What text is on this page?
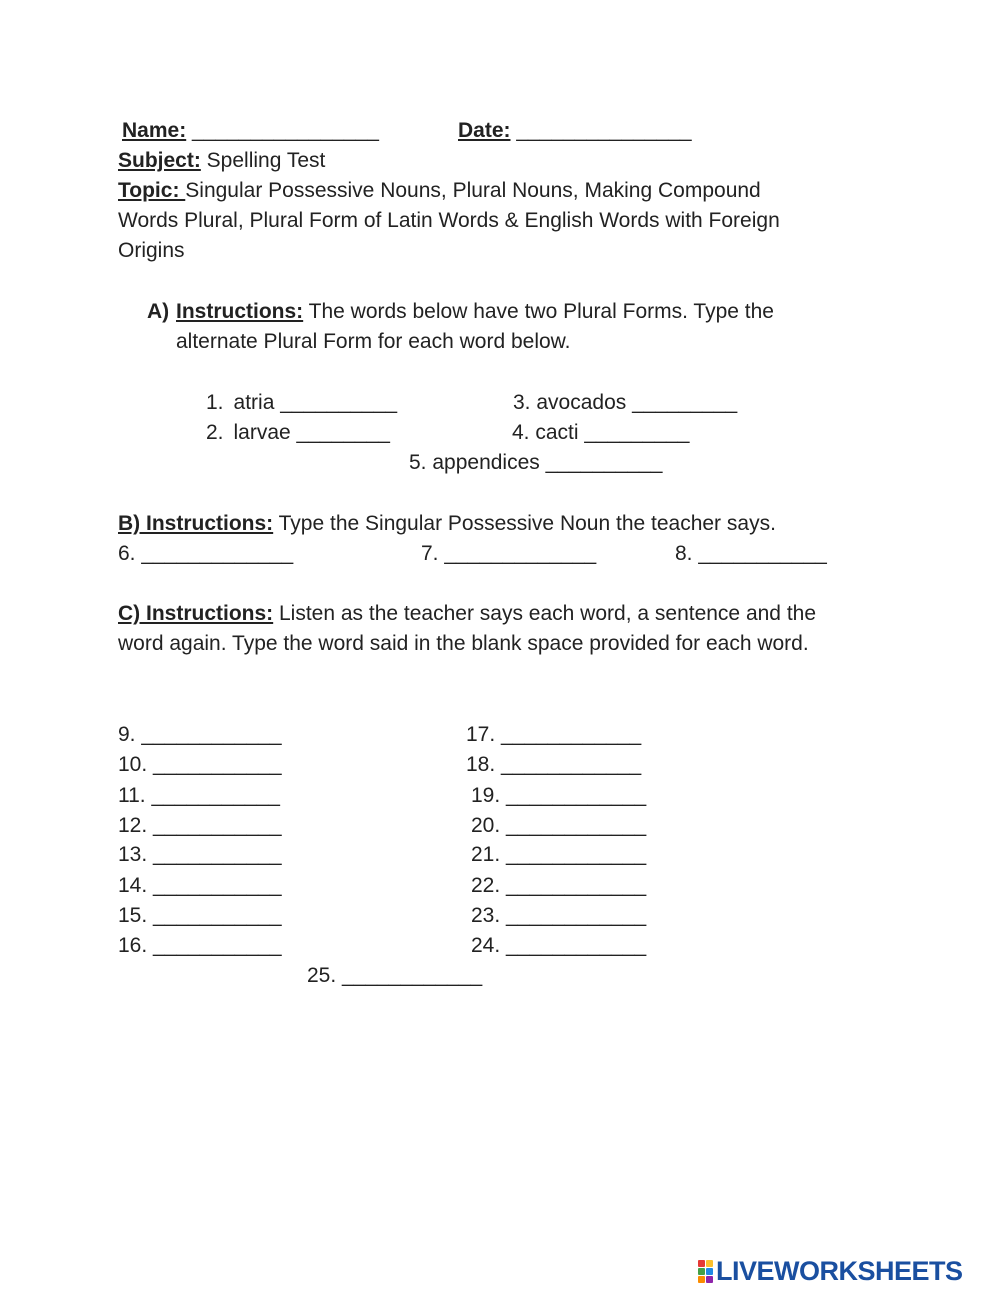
Name: ________________	Date: _______________
Subject: Spelling Test
Topic: Singular Possessive Nouns, Plural Nouns, Making Compound
Words Plural, Plural Form of Latin Words & English Words with Foreign
Origins
A) Instructions: The words below have two Plural Forms. Type the
alternate Plural Form for each word below.
1. atria __________
2. larvae ________
3. avocados _________
4. cacti _________
5. appendices __________
B) Instructions: Type the Singular Possessive Noun the teacher says.
6. _____________	7. _____________	8. ___________
C) Instructions: Listen as the teacher says each word, a sentence and the
word again. Type the word said in the blank space provided for each word.
9. ____________
10. ___________
11. ___________
12. ___________
13. ___________
14. ___________
15. ___________
16. ___________
17. ____________
18. ____________
19. ____________
20. ____________
21. ____________
22. ____________
23. ____________
24. ____________
25. ____________
LIVEWORKSHEETS
